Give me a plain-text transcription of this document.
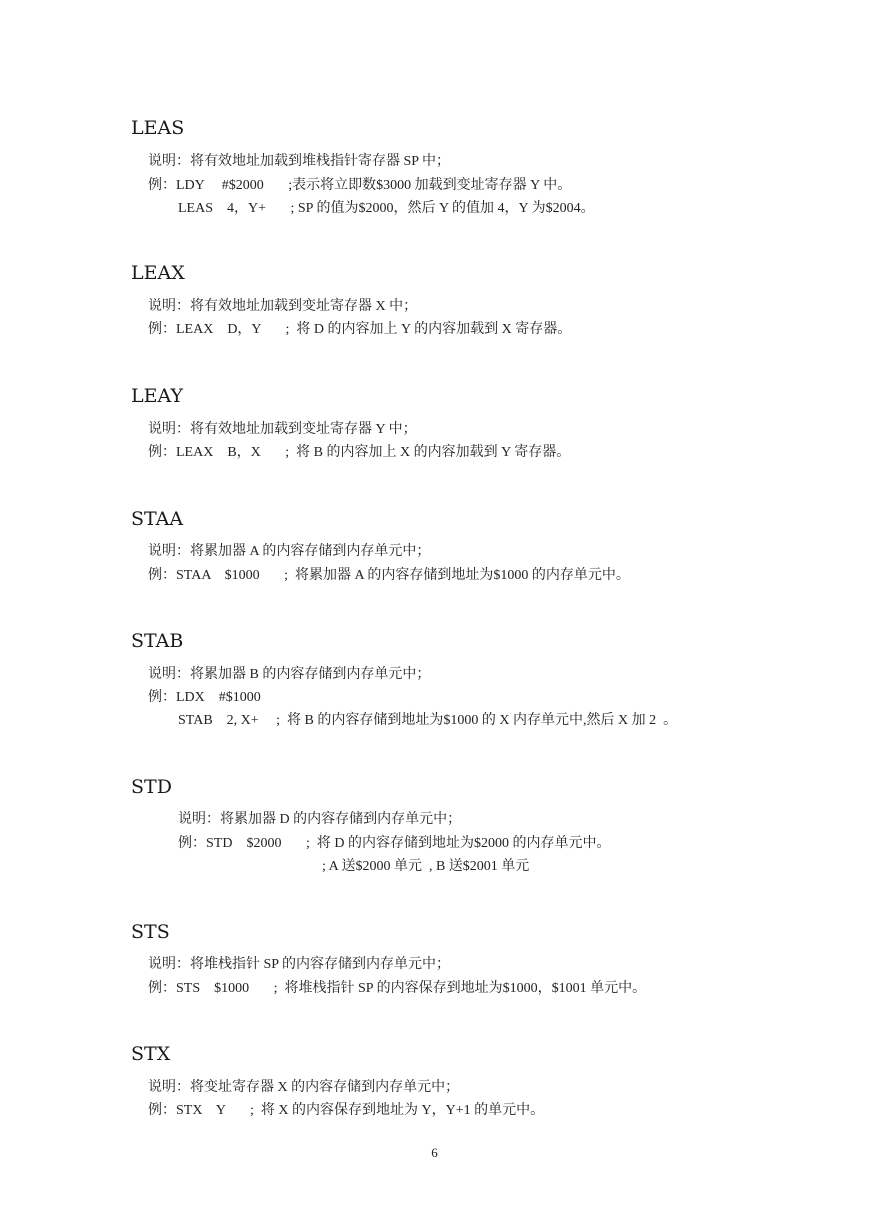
LEAS
说明：将有效地址加载到堆栈指针寄存器 SP 中；
例：LDY     #$2000       ;表示将立即数$3000 加载到变址寄存器 Y 中。
LEAS    4，Y+       ; SP 的值为$2000，然后 Y 的值加 4，Y 为$2004。
LEAX
说明：将有效地址加载到变址寄存器 X 中；
例：LEAX    D，Y       ;  将 D 的内容加上 Y 的内容加载到 X 寄存器。
LEAY
说明：将有效地址加载到变址寄存器 Y 中；
例：LEAX    B，X       ;  将 B 的内容加上 X 的内容加载到 Y 寄存器。
STAA
说明：将累加器 A 的内容存储到内存单元中；
例：STAA    $1000       ;  将累加器 A 的内容存储到地址为$1000 的内存单元中。
STAB
说明：将累加器 B 的内容存储到内存单元中；
例：LDX    #$1000
STAB    2, X+     ;  将 B 的内容存储到地址为$1000 的 X 内存单元中,然后 X 加 2  。
STD
说明：将累加器 D 的内容存储到内存单元中；
例：STD    $2000       ;  将 D 的内容存储到地址为$2000 的内存单元中。
; A 送$2000 单元  , B 送$2001 单元
STS
说明：将堆栈指针 SP 的内容存储到内存单元中；
例：STS    $1000       ;  将堆栈指针 SP 的内容保存到地址为$1000，$1001 单元中。
STX
说明：将变址寄存器 X 的内容存储到内存单元中；
例：STX    Y       ;  将 X 的内容保存到地址为 Y，Y+1 的单元中。
6
